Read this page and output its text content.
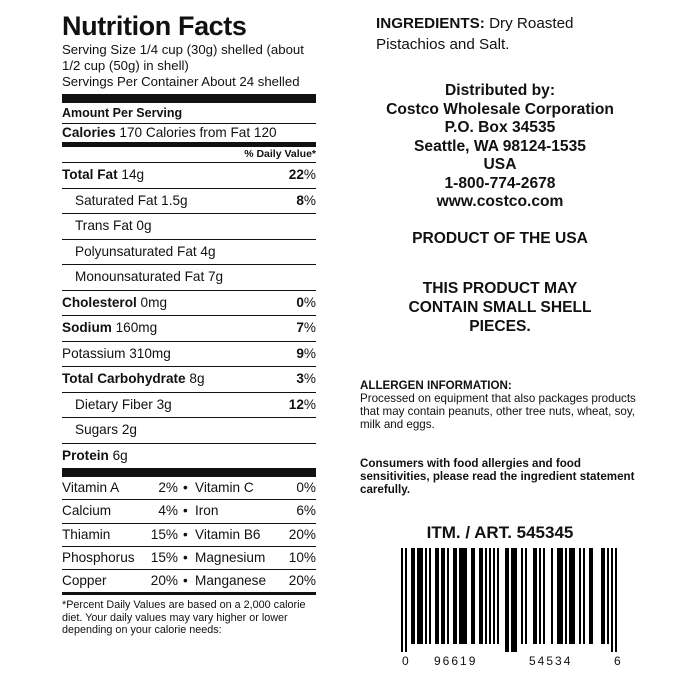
Nutrition Facts
Serving Size 1/4 cup (30g) shelled (about 1/2 cup (50g) in shell)
Servings Per Container About 24 shelled
Amount Per Serving
Calories 170 Calories from Fat 120
% Daily Value*
Total Fat 14g	22%
Saturated Fat 1.5g	8%
Trans Fat 0g
Polyunsaturated Fat 4g
Monounsaturated Fat 7g
Cholesterol 0mg	0%
Sodium 160mg	7%
Potassium 310mg	9%
Total Carbohydrate 8g	3%
Dietary Fiber 3g	12%
Sugars 2g
Protein 6g
Vitamin A	2% • Vitamin C	0%
Calcium	4% • Iron	6%
Thiamin	15% • Vitamin B6 20%
Phosphorus 15% • Magnesium 10%
Copper	20% • Manganese 20%
*Percent Daily Values are based on a 2,000 calorie diet. Your daily values may vary higher or lower depending on your calorie needs:
INGREDIENTS: Dry Roasted Pistachios and Salt.
Distributed by:
Costco Wholesale Corporation
P.O. Box 34535
Seattle, WA 98124-1535
USA
1-800-774-2678
www.costco.com
PRODUCT OF THE USA
THIS PRODUCT MAY
CONTAIN SMALL SHELL
PIECES.
ALLERGEN INFORMATION:
Processed on equipment that also packages products that may contain peanuts, other tree nuts, wheat, soy, milk and eggs.
Consumers with food allergies and food sensitivities, please read the ingredient statement carefully.
ITM. / ART. 545345
0 96619	54534	6
